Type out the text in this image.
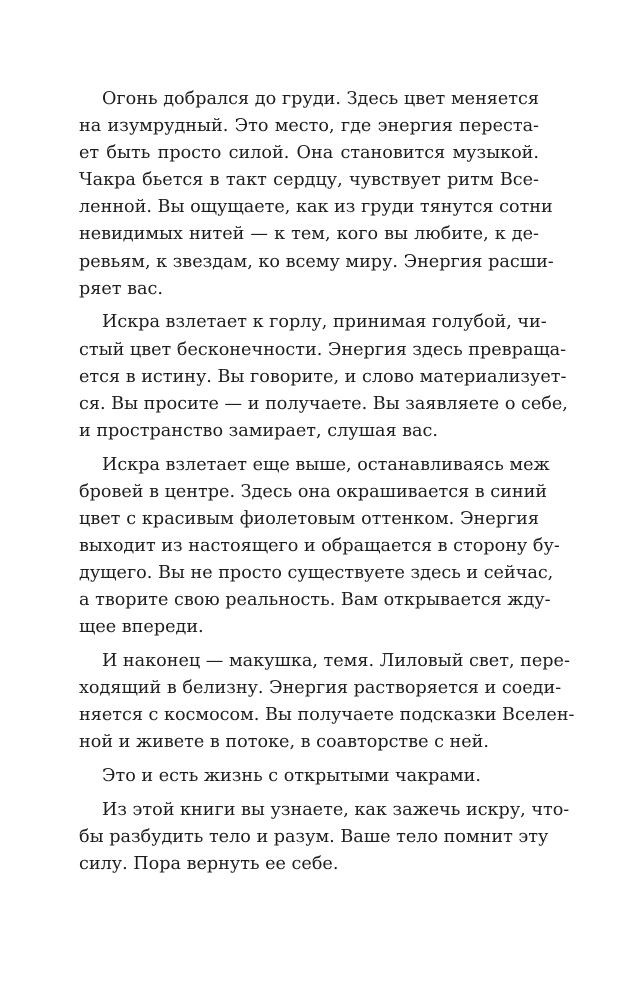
Огонь добрался до груди. Здесь цвет меняется
на изумрудный. Это место, где энергия переста-
ет быть просто силой. Она становится музыкой.
Чакра бьется в такт сердцу, чувствует ритм Все-
ленной. Вы ощущаете, как из груди тянутся сотни
невидимых нитей — к тем, кого вы любите, к де-
ревьям, к звездам, ко всему миру. Энергия расши-
ряет вас.
Искра взлетает к горлу, принимая голубой, чи-
стый цвет бесконечности. Энергия здесь превраща-
ется в истину. Вы говорите, и слово материализует-
ся. Вы просите — и получаете. Вы заявляете о себе,
и пространство замирает, слушая вас.
Искра взлетает еще выше, останавливаясь меж
бровей в центре. Здесь она окрашивается в синий
цвет с красивым фиолетовым оттенком. Энергия
выходит из настоящего и обращается в сторону бу-
дущего. Вы не просто существуете здесь и сейчас,
а творите свою реальность. Вам открывается жду-
щее впереди.
И наконец — макушка, темя. Лиловый свет, пере-
ходящий в белизну. Энергия растворяется и соеди-
няется с космосом. Вы получаете подсказки Вселен-
ной и живете в потоке, в соавторстве с ней.
Это и есть жизнь с открытыми чакрами.
Из этой книги вы узнаете, как зажечь искру, что-
бы разбудить тело и разум. Ваше тело помнит эту
силу. Пора вернуть ее себе.
